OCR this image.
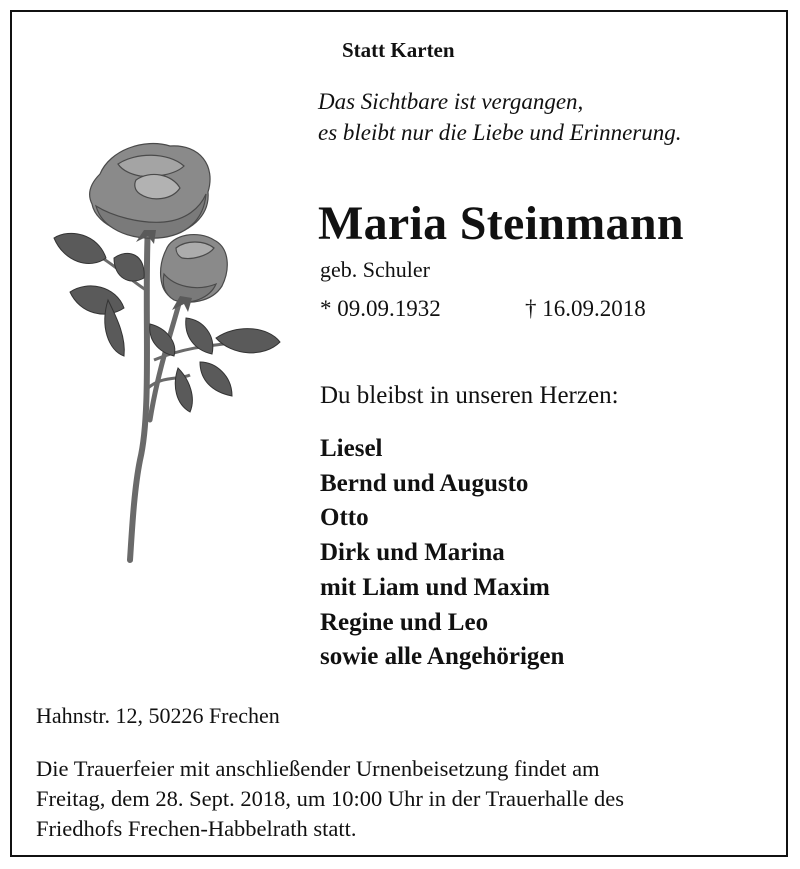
Statt Karten
Das Sichtbare ist vergangen,
es bleibt nur die Liebe und Erinnerung.
Maria Steinmann
geb. Schuler
* 09.09.1932	† 16.09.2018
Du bleibst in unseren Herzen:
Liesel
Bernd und Augusto
Otto
Dirk und Marina
mit Liam und Maxim
Regine und Leo
sowie alle Angehörigen
Hahnstr. 12, 50226 Frechen
Die Trauerfeier mit anschließender Urnenbeisetzung findet am
Freitag, dem 28. Sept. 2018, um 10:00 Uhr in der Trauerhalle des
Friedhofs Frechen-Habbelrath statt.
